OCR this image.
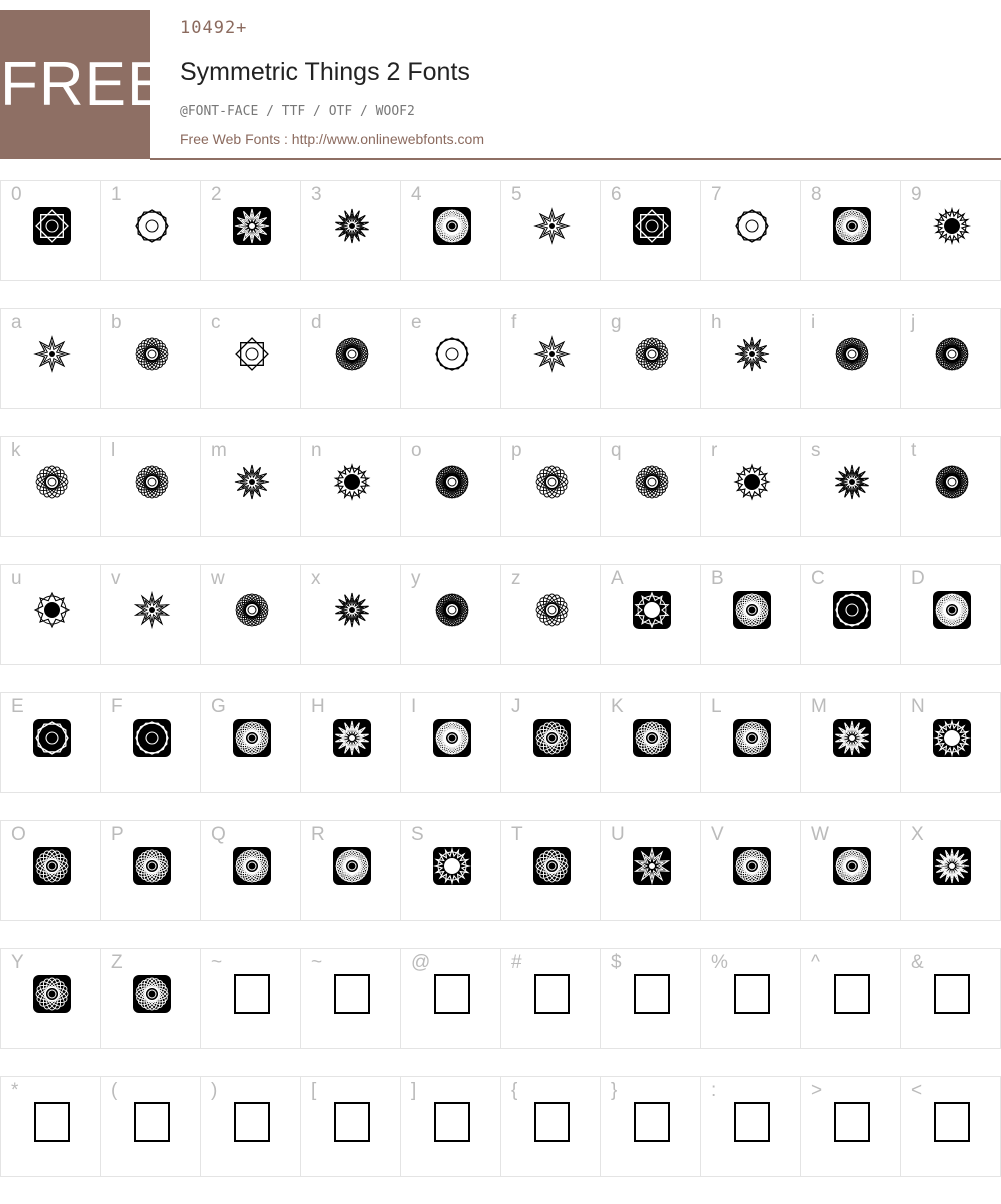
FREE
10492+
Symmetric Things 2 Fonts
@FONT-FACE / TTF / OTF / WOOF2
Free Web Fonts : http://www.onlinewebfonts.com
0	1	2	3	4	5	6	7	8	9
a	b	c	d	e	f	g	h	i	j
k	l	m	n	o	p	q	r	s	t
u	v	w	x	y	z	A	B	C	D
E	F	G	H	I	J	K	L	M	N
O	P	Q	R	S	T	U	V	W	X
Y	Z	~	~	@	#	$	%	^	&
*	(	)	[	]	{	}	:	>	<
